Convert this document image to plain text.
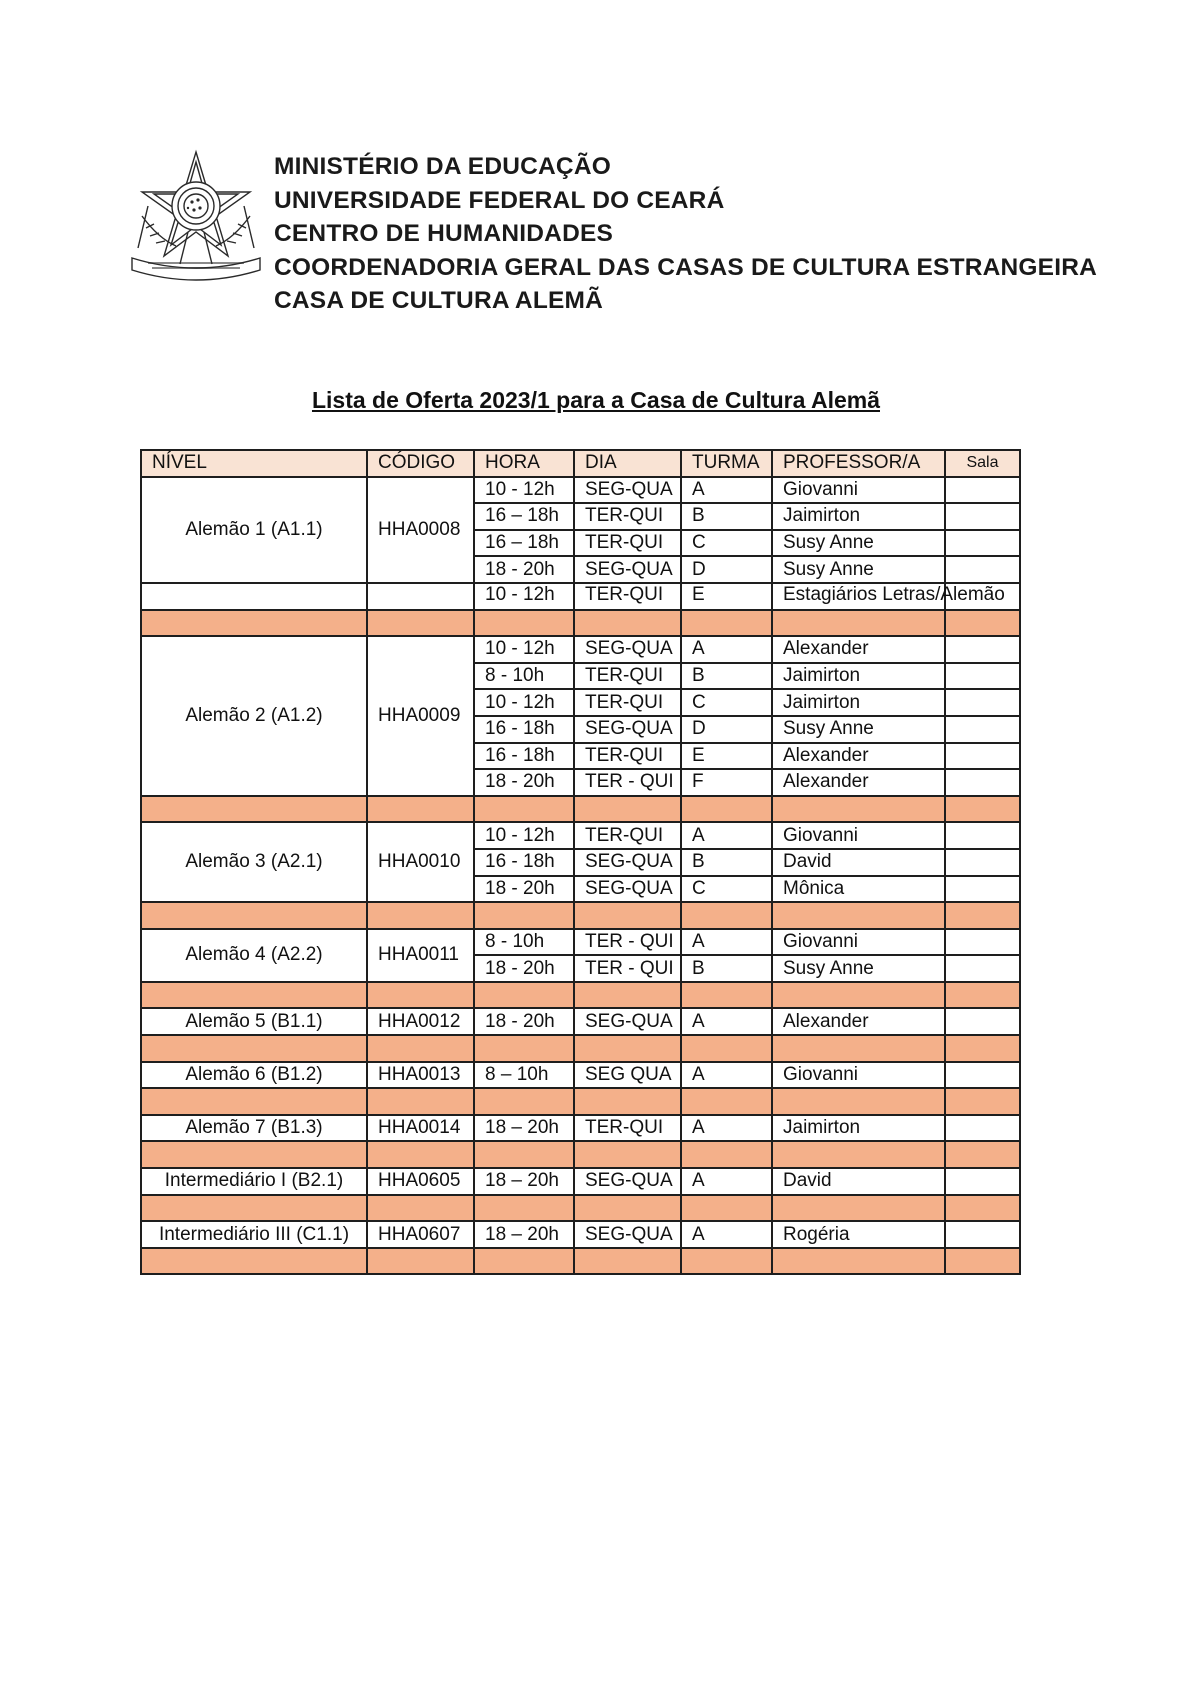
MINISTÉRIO DA EDUCAÇÃO
UNIVERSIDADE FEDERAL DO CEARÁ
CENTRO DE HUMANIDADES
COORDENADORIA GERAL DAS CASAS DE CULTURA ESTRANGEIRA
CASA DE CULTURA ALEMÃ
Lista de Oferta 2023/1 para a Casa de Cultura Alemã
NÍVEL	CÓDIGO	HORA	DIA	TURMA	PROFESSOR/A	Sala
Alemão 1 (A1.1)	HHA0008	10 - 12h	SEG-QUA	A	Giovanni	
		16 – 18h	TER-QUI	B	Jaimirton	
		16 – 18h	TER-QUI	C	Susy Anne	
		18 - 20h	SEG-QUA	D	Susy Anne	
		10 - 12h	TER-QUI	E	Estagiários Letras/Alemão	

Alemão 2 (A1.2)	HHA0009	10 - 12h	SEG-QUA	A	Alexander	
		8 - 10h	TER-QUI	B	Jaimirton	
		10 - 12h	TER-QUI	C	Jaimirton	
		16 - 18h	SEG-QUA	D	Susy Anne	
		16 - 18h	TER-QUI	E	Alexander	
		18 - 20h	TER - QUI	F	Alexander	

Alemão 3 (A2.1)	HHA0010	10 - 12h	TER-QUI	A	Giovanni	
		16 - 18h	SEG-QUA	B	David	
		18 - 20h	SEG-QUA	C	Mônica	

Alemão 4 (A2.2)	HHA0011	8 - 10h	TER - QUI	A	Giovanni	
		18 - 20h	TER - QUI	B	Susy Anne	

Alemão 5 (B1.1)	HHA0012	18 - 20h	SEG-QUA	A	Alexander	

Alemão 6 (B1.2)	HHA0013	8 – 10h	SEG QUA	A	Giovanni	

Alemão 7 (B1.3)	HHA0014	18 – 20h	TER-QUI	A	Jaimirton	

Intermediário I (B2.1)	HHA0605	18 – 20h	SEG-QUA	A	David	

Intermediário III (C1.1)	HHA0607	18 – 20h	SEG-QUA	A	Rogéria	
